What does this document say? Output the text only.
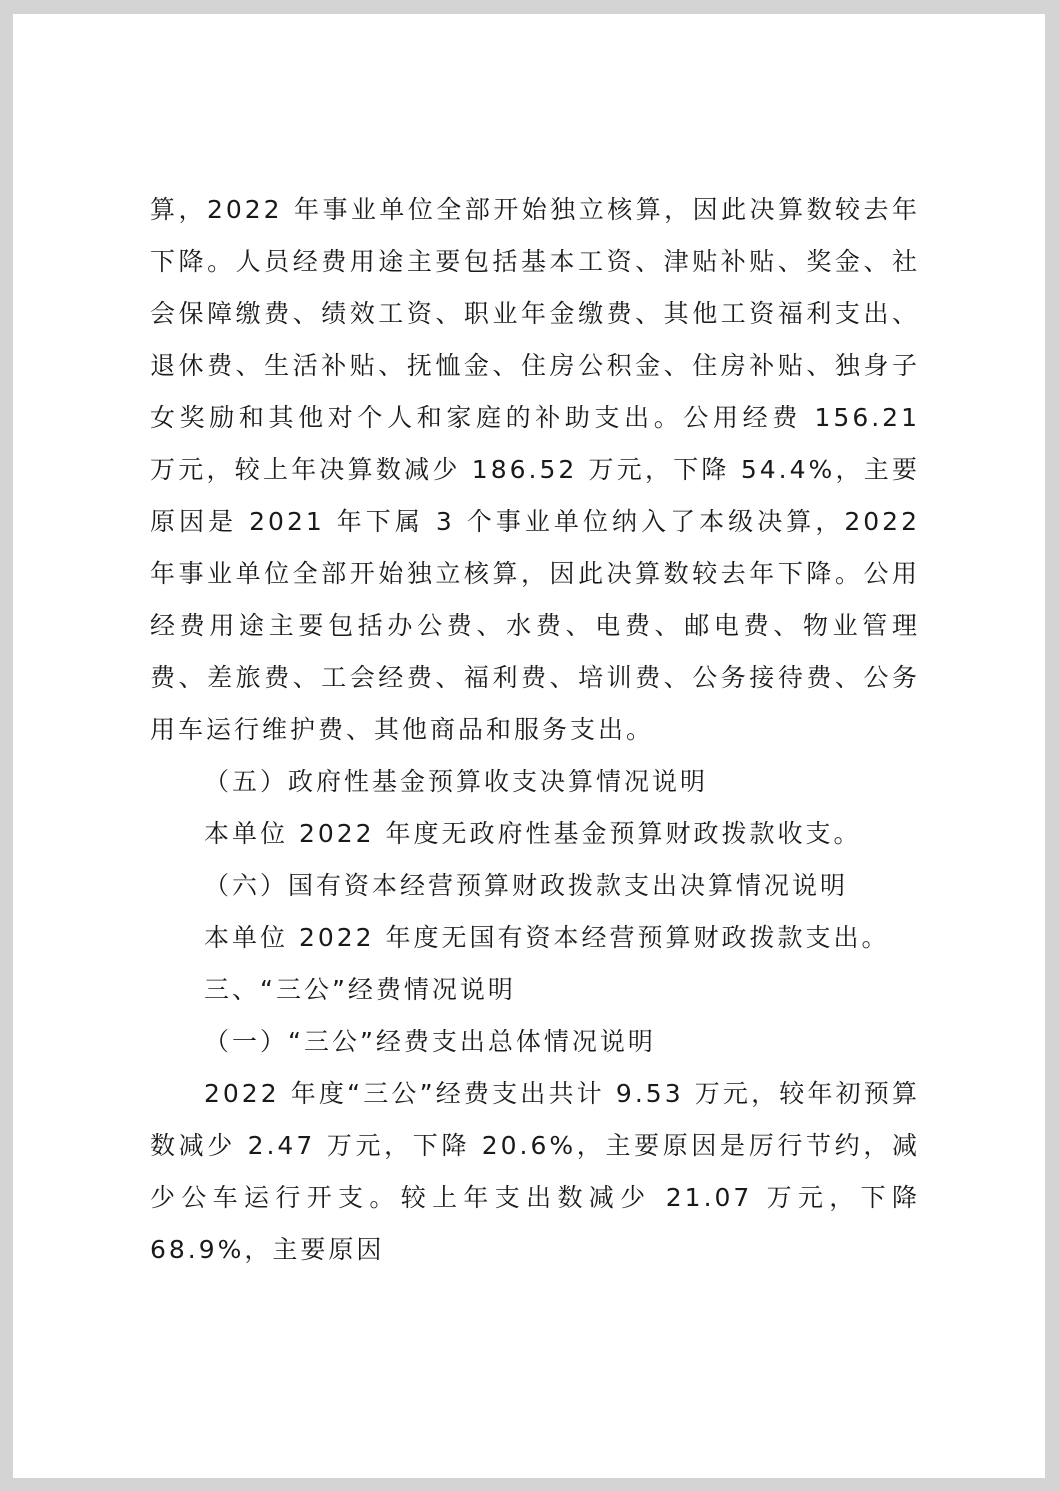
算，2022 年事业单位全部开始独立核算，因此决算数较去年下降。人员经费用途主要包括基本工资、津贴补贴、奖金、社会保障缴费、绩效工资、职业年金缴费、其他工资福利支出、退休费、生活补贴、抚恤金、住房公积金、住房补贴、独身子女奖励和其他对个人和家庭的补助支出。公用经费 156.21 万元，较上年决算数减少 186.52 万元，下降 54.4%，主要原因是 2021 年下属 3 个事业单位纳入了本级决算，2022 年事业单位全部开始独立核算，因此决算数较去年下降。公用经费用途主要包括办公费、水费、电费、邮电费、物业管理费、差旅费、工会经费、福利费、培训费、公务接待费、公务用车运行维护费、其他商品和服务支出。

（五）政府性基金预算收支决算情况说明

本单位 2022 年度无政府性基金预算财政拨款收支。

（六）国有资本经营预算财政拨款支出决算情况说明

本单位 2022 年度无国有资本经营预算财政拨款支出。

三、“三公”经费情况说明

（一）“三公”经费支出总体情况说明

2022 年度“三公”经费支出共计 9.53 万元，较年初预算数减少 2.47 万元，下降 20.6%，主要原因是厉行节约，减少公车运行开支。较上年支出数减少 21.07 万元，下降 68.9%，主要原因
